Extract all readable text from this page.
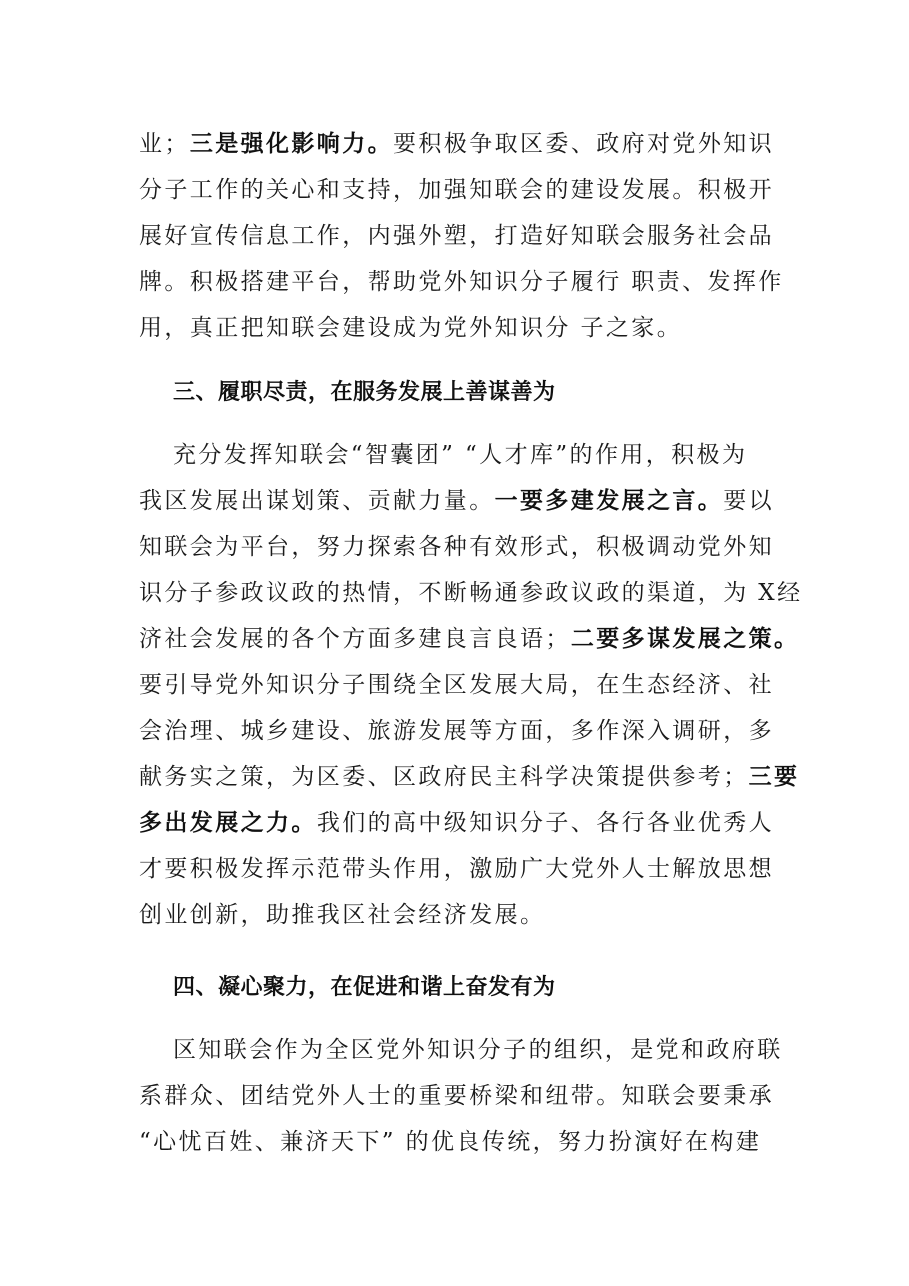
业；三是强化影响力。要积极争取区委、政府对党外知识
分子工作的关心和支持，加强知联会的建设发展。积极开
展好宣传信息工作，内强外塑，打造好知联会服务社会品
牌。积极搭建平台，帮助党外知识分子履行 职责、发挥作
用，真正把知联会建设成为党外知识分 子之家。
三、履职尽责，在服务发展上善谋善为
充分发挥知联会“智囊团” “人才库”的作用，积极为
我区发展出谋划策、贡献力量。一要多建发展之言。要以
知联会为平台，努力探索各种有效形式，积极调动党外知
识分子参政议政的热情，不断畅通参政议政的渠道，为 X经
济社会发展的各个方面多建良言良语；二要多谋发展之策。
要引导党外知识分子围绕全区发展大局，在生态经济、社
会治理、城乡建设、旅游发展等方面，多作深入调研，多
献务实之策，为区委、区政府民主科学决策提供参考；三要
多出发展之力。我们的高中级知识分子、各行各业优秀人
才要积极发挥示范带头作用，激励广大党外人士解放思想
创业创新，助推我区社会经济发展。
四、凝心聚力，在促进和谐上奋发有为
区知联会作为全区党外知识分子的组织，是党和政府联
系群众、团结党外人士的重要桥梁和纽带。知联会要秉承
“心忧百姓、兼济天下” 的优良传统，努力扮演好在构建
